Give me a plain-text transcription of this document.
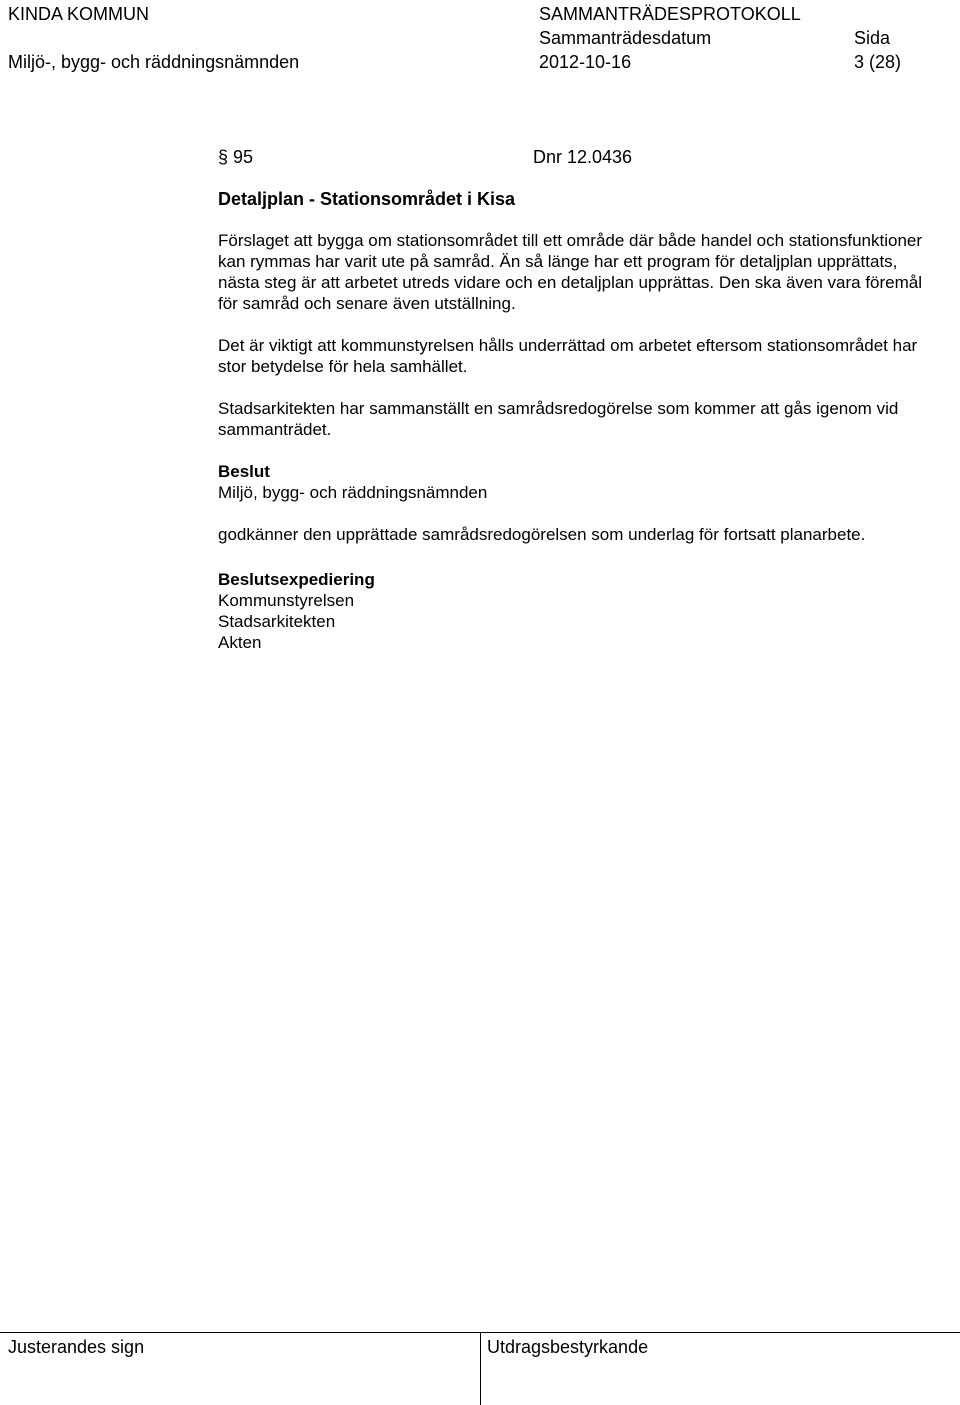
KINDA KOMMUN
Miljö-, bygg- och räddningsnämnden
SAMMANTRÄDESPROTOKOLL
Sammanträdesdatum
2012-10-16
Sida
3 (28)
§ 95	Dnr 12.0436
Detaljplan - Stationsområdet i Kisa

Förslaget att bygga om stationsområdet till ett område där både handel och stationsfunktioner kan rymmas har varit ute på samråd. Än så länge har ett program för detaljplan upprättats, nästa steg är att arbetet utreds vidare och en detaljplan upprättas. Den ska även vara föremål för samråd och senare även utställning.

Det är viktigt att kommunstyrelsen hålls underrättad om arbetet eftersom stationsområdet har stor betydelse för hela samhället.

Stadsarkitekten har sammanställt en samrådsredogörelse som kommer att gås igenom vid sammanträdet.

Beslut
Miljö, bygg- och räddningsnämnden
godkänner den upprättade samrådsredogörelsen som underlag för fortsatt planarbete.
Beslutsexpediering
Kommunstyrelsen
Stadsarkitekten
Akten
Justerandes sign	Utdragsbestyrkande
